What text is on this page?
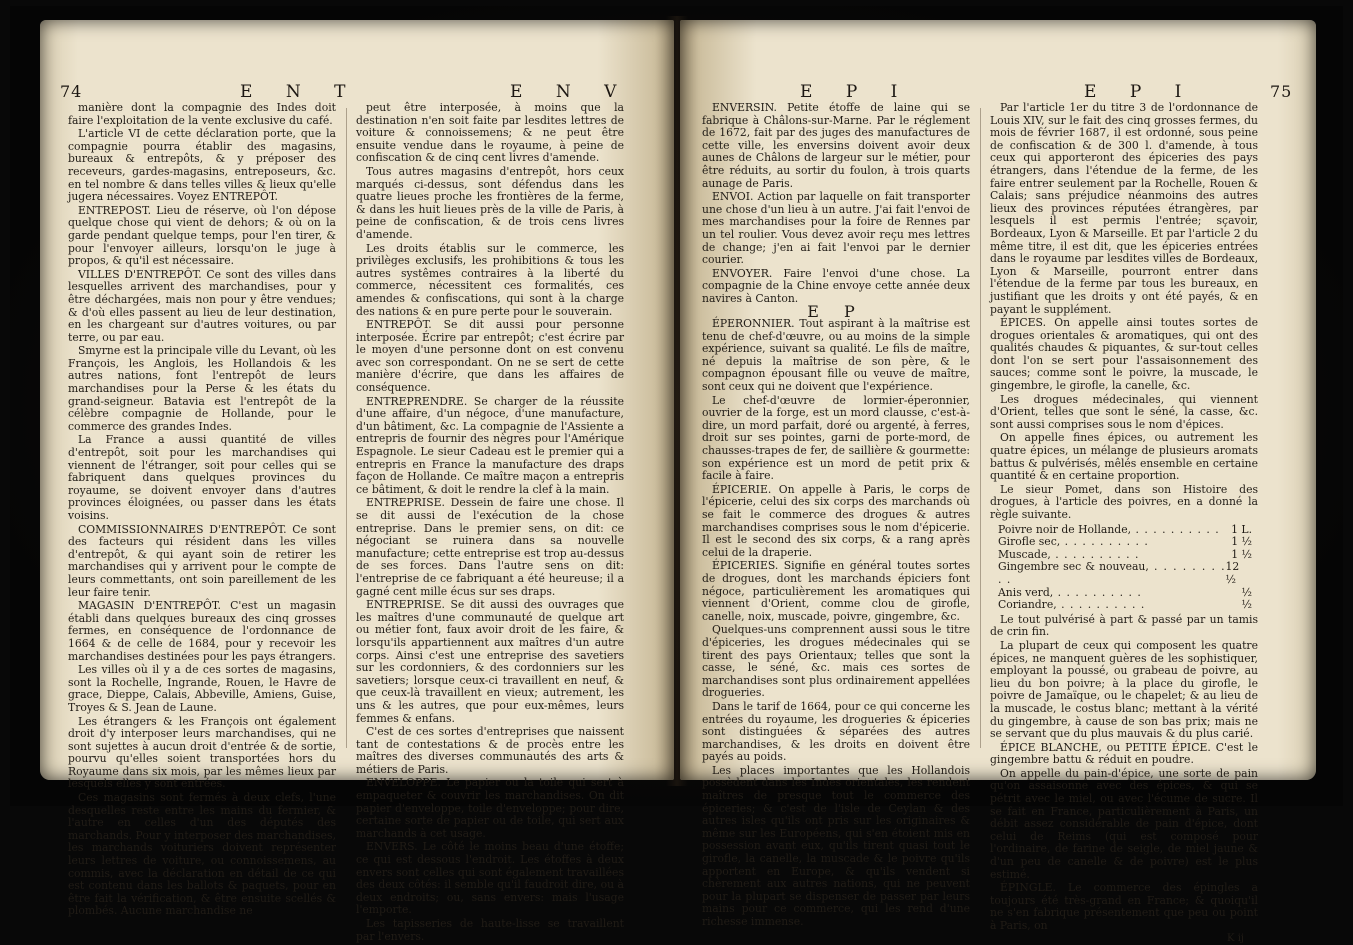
74	E N T	E N V

manière dont la compagnie des Indes doit faire l'exploitation de la vente exclusive du café.

L'article VI de cette déclaration porte, que la compagnie pourra établir des magasins, bureaux & entrepôts, & y préposer des receveurs, gardes-magasins, entreposeurs, &c. en tel nombre & dans telles villes & lieux qu'elle jugera nécessaires. Voyez ENTREPÔT.

ENTREPOST. Lieu de réserve, où l'on dépose quelque chose qui vient de dehors; & où on la garde pendant quelque temps, pour l'en tirer, & pour l'envoyer ailleurs, lorsqu'on le juge à propos, & qu'il est nécessaire.

VILLES D'ENTREPÔT. Ce sont des villes dans lesquelles arrivent des marchandises, pour y être déchargées, mais non pour y être vendues; & d'où elles passent au lieu de leur destination, en les chargeant sur d'autres voitures, ou par terre, ou par eau.

Smyrne est la principale ville du Levant, où les François, les Anglois, les Hollandois & les autres nations, font l'entrepôt de leurs marchandises pour la Perse & les états du grand-seigneur. Batavia est l'entrepôt de la célèbre compagnie de Hollande, pour le commerce des grandes Indes.

La France a aussi quantité de villes d'entrepôt, soit pour les marchandises qui viennent de l'étranger, soit pour celles qui se fabriquent dans quelques provinces du royaume, se doivent envoyer dans d'autres provinces éloignées, ou passer dans les états voisins.

COMMISSIONNAIRES D'ENTREPÔT. Ce sont des facteurs qui résident dans les villes d'entrepôt, & qui ayant soin de retirer les marchandises qui y arrivent pour le compte de leurs commettants, ont soin pareillement de les leur faire tenir.

MAGASIN D'ENTREPÔT. C'est un magasin établi dans quelques bureaux des cinq grosses fermes, en conséquence de l'ordonnance de 1664 & de celle de 1684, pour y recevoir les marchandises destinées pour les pays étrangers.

Les villes où il y a de ces sortes de magasins, sont la Rochelle, Ingrande, Rouen, le Havre de grace, Dieppe, Calais, Abbeville, Amiens, Guise, Troyes & S. Jean de Laune.

Les étrangers & les François ont également droit d'y interposer leurs marchandises, qui ne sont sujettes à aucun droit d'entrée & de sortie, pourvu qu'elles soient transportées hors du Royaume dans six mois, par les mêmes lieux par lesquels elles y sont entrées.

Ces magasins sont fermés à deux clefs, l'une desquelles reste entre les mains du fermier, & l'autre en celles d'un des députés des marchands. Pour y interposer des marchandises, les marchands voituriers doivent représenter leurs lettres de voiture, ou connoissemens, au commis, avec la déclaration en détail de ce qui est contenu dans les ballots & paquets, pour en être fait la vérification, & être ensuite scellés & plombés. Aucune marchandise ne

peut être interposée, à moins que la destination n'en soit faite par lesdites lettres de voiture & connoissemens; & ne peut être ensuite vendue dans le royaume, à peine de confiscation & de cinq cent livres d'amende.

Tous autres magasins d'entrepôt, hors ceux marqués ci-dessus, sont défendus dans les quatre lieues proche les frontières de la ferme, & dans les huit lieues près de la ville de Paris, à peine de confiscation, & de trois cens livres d'amende.

Les droits établis sur le commerce, les privilèges exclusifs, les prohibitions & tous les autres systêmes contraires à la liberté du commerce, nécessitent ces formalités, ces amendes & confiscations, qui sont à la charge des nations & en pure perte pour le souverain.

ENTREPÔT. Se dit aussi pour personne interposée. Écrire par entrepôt; c'est écrire par le moyen d'une personne dont on est convenu avec son correspondant. On ne se sert de cette manière d'écrire, que dans les affaires de conséquence.

ENTREPRENDRE. Se charger de la réussite d'une affaire, d'un négoce, d'une manufacture, d'un bâtiment, &c. La compagnie de l'Assiente a entrepris de fournir des nègres pour l'Amérique Espagnole. Le sieur Cadeau est le premier qui a entrepris en France la manufacture des draps façon de Hollande. Ce maître maçon a entrepris ce bâtiment, & doit le rendre la clef à la main.

ENTREPRISE. Dessein de faire une chose. Il se dit aussi de l'exécution de la chose entreprise. Dans le premier sens, on dit: ce négociant se ruinera dans sa nouvelle manufacture; cette entreprise est trop au-dessus de ses forces. Dans l'autre sens on dit: l'entreprise de ce fabriquant a été heureuse; il a gagné cent mille écus sur ses draps.

ENTREPRISE. Se dit aussi des ouvrages que les maîtres d'une communauté de quelque art ou métier font, faux avoir droit de les faire, & lorsqu'ils appartiennent aux maîtres d'un autre corps. Ainsi c'est une entreprise des savetiers sur les cordonniers, & des cordonniers sur les savetiers; lorsque ceux-ci travaillent en neuf, & que ceux-là travaillent en vieux; autrement, les uns & les autres, que pour eux-mêmes, leurs femmes & enfans.

C'est de ces sortes d'entreprises que naissent tant de contestations & de procès entre les maîtres des diverses communautés des arts & métiers de Paris.

ENVELOPPE. Le papier ou la toile qui sert à empaqueter & couvrir les marchandises. On dit papier d'enveloppe, toile d'enveloppe; pour dire, certaine sorte de papier ou de toile, qui sert aux marchands à cet usage.

ENVERS. Le côté le moins beau d'une étoffe; ce qui est dessous l'endroit. Les étoffes à deux envers sont celles qui sont également travaillées des deux côtés: il semble qu'il faudroit dire, ou à deux endroits; ou, sans envers: mais l'usage l'emporte.

Les tapisseries de haute-lisse se travaillent par l'envers.

E P I	E P I	75

ENVERSIN. Petite étoffe de laine qui se fabrique à Châlons-sur-Marne. Par le réglement de 1672, fait par des juges des manufactures de cette ville, les enversins doivent avoir deux aunes de Châlons de largeur sur le métier, pour être réduits, au sortir du foulon, à trois quarts aunage de Paris.

ENVOI. Action par laquelle on fait transporter une chose d'un lieu à un autre. J'ai fait l'envoi de mes marchandises pour la foire de Rennes par un tel roulier. Vous devez avoir reçu mes lettres de change; j'en ai fait l'envoi par le dernier courier.

ENVOYER. Faire l'envoi d'une chose. La compagnie de la Chine envoye cette année deux navires à Canton.

E P

ÉPERONNIER. Tout aspirant à la maîtrise est tenu de chef-d'œuvre, ou au moins de la simple expérience, suivant sa qualité. Le fils de maître, né depuis la maîtrise de son père, & le compagnon épousant fille ou veuve de maître, sont ceux qui ne doivent que l'expérience.

Le chef-d'œuvre de lormier-éperonnier, ouvrier de la forge, est un mord clausse, c'est-à-dire, un mord parfait, doré ou argenté, à ferres, droit sur ses pointes, garni de porte-mord, de chausses-trapes de fer, de saillière & gourmette: son expérience est un mord de petit prix & facile à faire.

ÉPICERIE. On appelle à Paris, le corps de l'épicerie, celui des six corps des marchands où se fait le commerce des drogues & autres marchandises comprises sous le nom d'épicerie. Il est le second des six corps, & a rang après celui de la draperie.

ÉPICERIES. Signifie en général toutes sortes de drogues, dont les marchands épiciers font négoce, particulièrement les aromatiques qui viennent d'Orient, comme clou de girofle, canelle, noix, muscade, poivre, gingembre, &c.

Quelques-uns comprennent aussi sous le titre d'épiceries, les drogues médecinales qui se tirent des pays Orientaux; telles que sont la casse, le séné, &c. mais ces sortes de marchandises sont plus ordinairement appellées drogueries.

Dans le tarif de 1664, pour ce qui concerne les entrées du royaume, les drogueries & épiceries sont distinguées & séparées des autres marchandises, & les droits en doivent être payés au poids.

Les places importantes que les Hollandois possèdent dans les Indes orientales, les rendent maîtres de presque tout le commerce des épiceries; & c'est de l'isle de Ceylan & des autres isles qu'ils ont pris sur les originaires & même sur les Européens, qui s'en étoient mis en possession avant eux, qu'ils tirent quasi tout le girofle, la canelle, la muscade & le poivre qu'ils apportent en Europe, & qu'ils vendent si chèrement aux autres nations, qui ne peuvent pour la plupart se dispenser de passer par leurs mains pour ce commerce, qui les rend d'une richesse immense.

Par l'article 1er du titre 3 de l'ordonnance de Louis XIV, sur le fait des cinq grosses fermes, du mois de février 1687, il est ordonné, sous peine de confiscation & de 300 l. d'amende, à tous ceux qui apporteront des épiceries des pays étrangers, dans l'étendue de la ferme, de les faire entrer seulement par la Rochelle, Rouen & Calais; sans préjudice néanmoins des autres lieux des provinces réputées étrangères, par lesquels il est permis l'entrée; sçavoir, Bordeaux, Lyon & Marseille. Et par l'article 2 du même titre, il est dit, que les épiceries entrées dans le royaume par lesdites villes de Bordeaux, Lyon & Marseille, pourront entrer dans l'étendue de la ferme par tous les bureaux, en justifiant que les droits y ont été payés, & en payant le supplément.

ÉPICES. On appelle ainsi toutes sortes de drogues orientales & aromatiques, qui ont des qualités chaudes & piquantes, & sur-tout celles dont l'on se sert pour l'assaisonnement des sauces; comme sont le poivre, la muscade, le gingembre, le girofle, la canelle, &c.

Les drogues médecinales, qui viennent d'Orient, telles que sont le séné, la casse, &c. sont aussi comprises sous le nom d'épices.

On appelle fines épices, ou autrement les quatre épices, un mélange de plusieurs aromats battus & pulvérisés, mêlés ensemble en certaine quantité & en certaine proportion.

Le sieur Pomet, dans son Histoire des drogues, à l'article des poivres, en a donné la règle suivante.

Poivre noir de Hollande, . . .	1 L.
Girofle sec, . . .	1 ½
Muscade, . . .	1 ½
Gingembre sec & nouveau, . . .	12 ½
Anis verd, . . .	½
Coriandre, . . .	½

Le tout pulvérisé à part & passé par un tamis de crin fin.

La plupart de ceux qui composent les quatre épices, ne manquent guères de les sophistiquer, employant la poussé, ou grabeau de poivre, au lieu du bon poivre; à la place du girofle, le poivre de Jamaïque, ou le chapelet; & au lieu de la muscade, le costus blanc; mettant à la vérité du gingembre, à cause de son bas prix; mais ne se servant que du plus mauvais & du plus carié.

ÉPICE BLANCHE, ou PETITE ÉPICE. C'est le gingembre battu & réduit en poudre.

On appelle du pain-d'épice, une sorte de pain qu'on assaisonne avec des épices, & qui se pétrit avec le miel, ou avec l'écume de sucre. Il se fait en France, particulièrement à Paris, un débit assez considérable de pain d'épice, dont celui de Reims (qui est composé pour l'ordinaire, de farine de seigle, de miel jaune & d'un peu de canelle & de poivre) est le plus estimé.

ÉPINGLE. Le commerce des épingles a toujours été très-grand en France; & quoiqu'il ne s'en fabrique présentement que peu ou point à Paris, on

K ij
